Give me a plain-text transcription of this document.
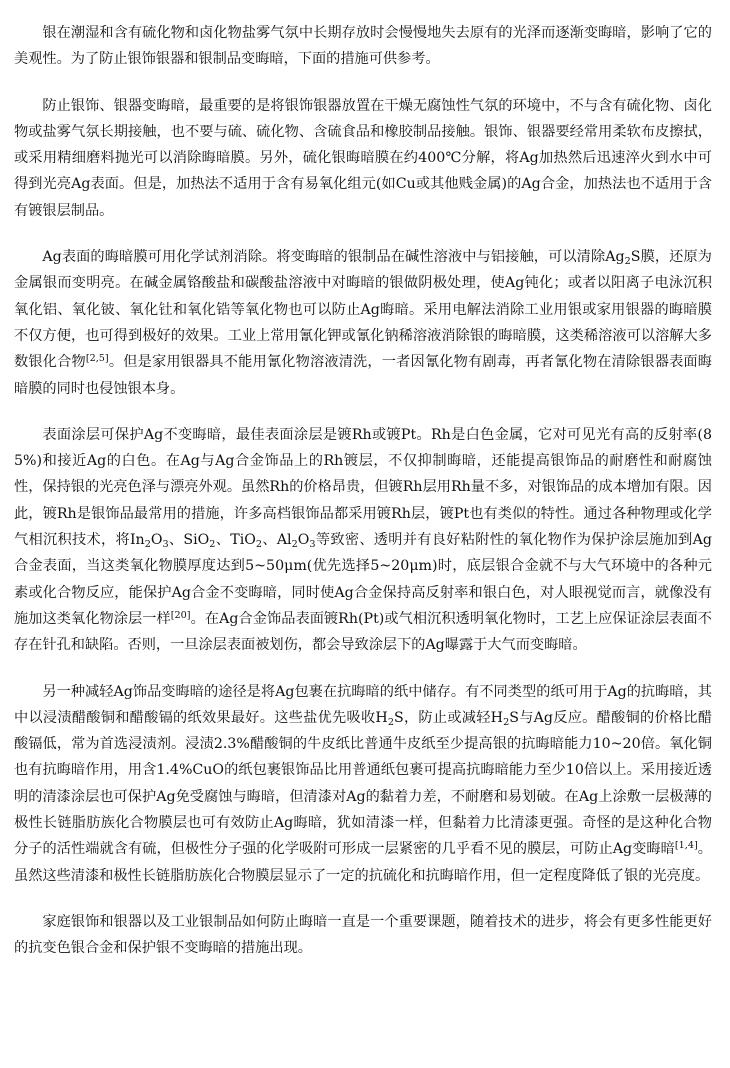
银在潮湿和含有硫化物和卤化物盐雾气氛中长期存放时会慢慢地失去原有的光泽而逐渐变晦暗，影响了它的美观性。为了防止银饰银器和银制品变晦暗，下面的措施可供参考。

防止银饰、银器变晦暗，最重要的是将银饰银器放置在干燥无腐蚀性气氛的环境中，不与含有硫化物、卤化物或盐雾气氛长期接触，也不要与硫、硫化物、含硫食品和橡胶制品接触。银饰、银器要经常用柔软布皮擦拭，或采用精细磨料抛光可以消除晦暗膜。另外，硫化银晦暗膜在约400℃分解，将Ag加热然后迅速淬火到水中可得到光亮Ag表面。但是，加热法不适用于含有易氧化组元(如Cu或其他贱金属)的Ag合金，加热法也不适用于含有镀银层制品。

Ag表面的晦暗膜可用化学试剂消除。将变晦暗的银制品在碱性溶液中与铝接触，可以清除$Ag_2S$膜，还原为金属银而变明亮。在碱金属铬酸盐和碳酸盐溶液中对晦暗的银做阴极处理，使Ag钝化；或者以阳离子电泳沉积氧化铝、氧化铍、氧化钍和氧化锆等氧化物也可以防止Ag晦暗。采用电解法消除工业用银或家用银器的晦暗膜不仅方便，也可得到极好的效果。工业上常用氰化钾或氰化钠稀溶液消除银的晦暗膜，这类稀溶液可以溶解大多数银化合物[2,5]。但是家用银器具不能用氰化物溶液清洗，一者因氰化物有剧毒，再者氰化物在清除银器表面晦暗膜的同时也侵蚀银本身。

表面涂层可保护Ag不变晦暗，最佳表面涂层是镀Rh或镀Pt。Rh是白色金属，它对可见光有高的反射率(85%)和接近Ag的白色。在Ag与Ag合金饰品上的Rh镀层，不仅抑制晦暗，还能提高银饰品的耐磨性和耐腐蚀性，保持银的光亮色泽与漂亮外观。虽然Rh的价格昂贵，但镀Rh层用Rh量不多，对银饰品的成本增加有限。因此，镀Rh是银饰品最常用的措施，许多高档银饰品都采用镀Rh层，镀Pt也有类似的特性。通过各种物理或化学气相沉积技术，将$In_2O_3$、SiO$_2$、TiO$_2$、$Al_2O_3$等致密、透明并有良好粘附性的氧化物作为保护涂层施加到Ag合金表面，当这类氧化物膜厚度达到5~50μm(优先选择5~20μm)时，底层银合金就不与大气环境中的各种元素或化合物反应，能保护Ag合金不变晦暗，同时使Ag合金保持高反射率和银白色，对人眼视觉而言，就像没有施加这类氧化物涂层一样[20]。在Ag合金饰品表面镀Rh(Pt)或气相沉积透明氧化物时，工艺上应保证涂层表面不存在针孔和缺陷。否则，一旦涂层表面被划伤，都会导致涂层下的Ag曝露于大气而变晦暗。

另一种减轻Ag饰品变晦暗的途径是将Ag包裹在抗晦暗的纸中储存。有不同类型的纸可用于Ag的抗晦暗，其中以浸渍醋酸铜和醋酸镉的纸效果最好。这些盐优先吸收$H_2S$，防止或减轻$H_2S$与Ag反应。醋酸铜的价格比醋酸镉低，常为首选浸渍剂。浸渍2.3%醋酸铜的牛皮纸比普通牛皮纸至少提高银的抗晦暗能力10~20倍。氧化铜也有抗晦暗作用，用含1.4%CuO的纸包裹银饰品比用普通纸包裹可提高抗晦暗能力至少10倍以上。采用接近透明的清漆涂层也可保护Ag免受腐蚀与晦暗，但清漆对Ag的黏着力差，不耐磨和易划破。在Ag上涂敷一层极薄的极性长链脂肪族化合物膜层也可有效防止Ag晦暗，犹如清漆一样，但黏着力比清漆更强。奇怪的是这种化合物分子的活性端就含有硫，但极性分子强的化学吸附可形成一层紧密的几乎看不见的膜层，可防止Ag变晦暗[1,4]。虽然这些清漆和极性长链脂肪族化合物膜层显示了一定的抗硫化和抗晦暗作用，但一定程度降低了银的光亮度。

家庭银饰和银器以及工业银制品如何防止晦暗一直是一个重要课题，随着技术的进步，将会有更多性能更好的抗变色银合金和保护银不变晦暗的措施出现。
